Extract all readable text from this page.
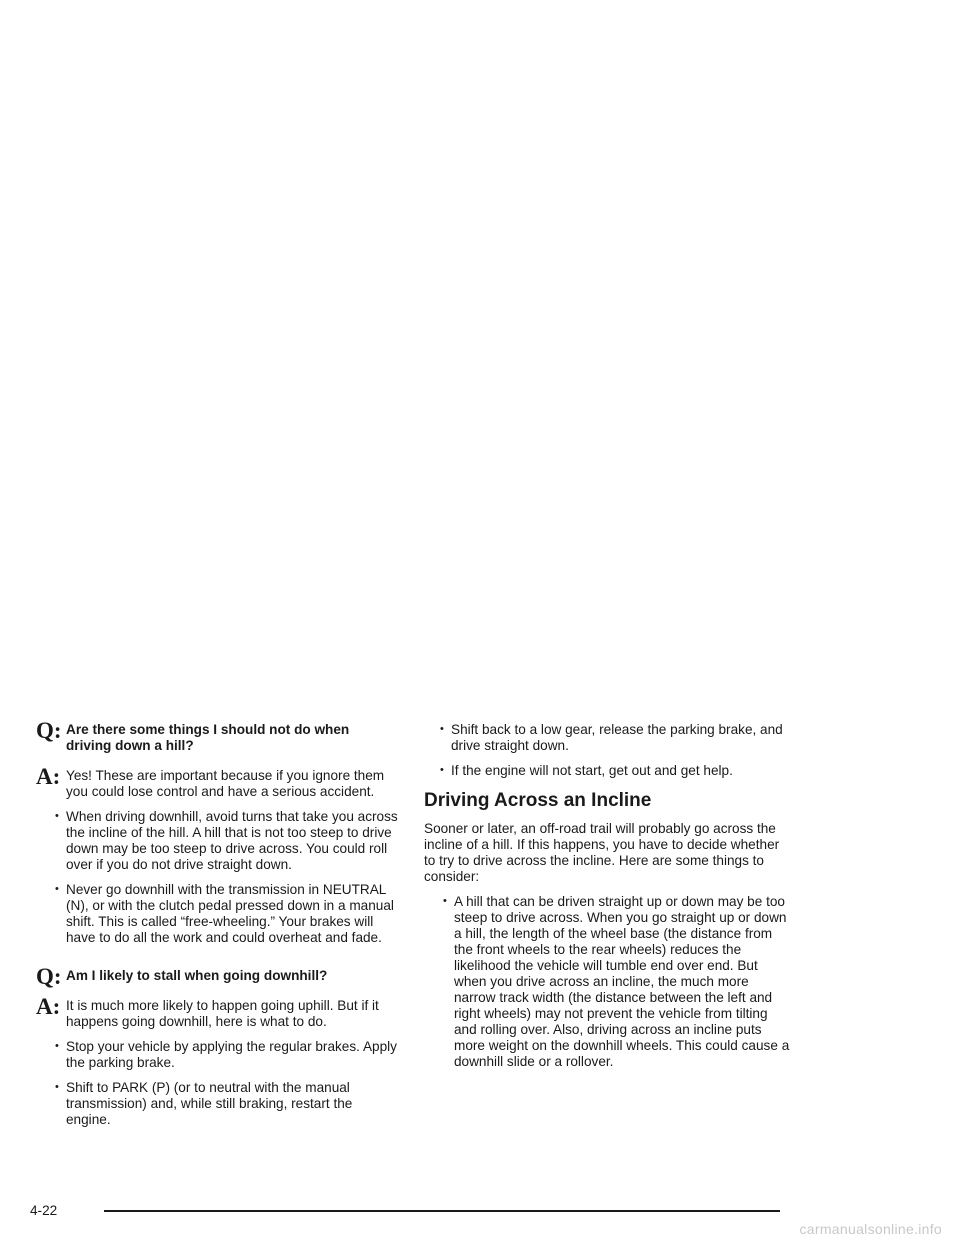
Q: Are there some things I should not do when driving down a hill?
A: Yes! These are important because if you ignore them you could lose control and have a serious accident.
• When driving downhill, avoid turns that take you across the incline of the hill. A hill that is not too steep to drive down may be too steep to drive across. You could roll over if you do not drive straight down.
• Never go downhill with the transmission in NEUTRAL (N), or with the clutch pedal pressed down in a manual shift. This is called “free-wheeling.” Your brakes will have to do all the work and could overheat and fade.
Q: Am I likely to stall when going downhill?
A: It is much more likely to happen going uphill. But if it happens going downhill, here is what to do.
• Stop your vehicle by applying the regular brakes. Apply the parking brake.
• Shift to PARK (P) (or to neutral with the manual transmission) and, while still braking, restart the engine.
• Shift back to a low gear, release the parking brake, and drive straight down.
• If the engine will not start, get out and get help.
Driving Across an Incline

Sooner or later, an off-road trail will probably go across the incline of a hill. If this happens, you have to decide whether to try to drive across the incline. Here are some things to consider:

• A hill that can be driven straight up or down may be too steep to drive across. When you go straight up or down a hill, the length of the wheel base (the distance from the front wheels to the rear wheels) reduces the likelihood the vehicle will tumble end over end. But when you drive across an incline, the much more narrow track width (the distance between the left and right wheels) may not prevent the vehicle from tilting and rolling over. Also, driving across an incline puts more weight on the downhill wheels. This could cause a downhill slide or a rollover.
4-22
carmanualsonline.info
